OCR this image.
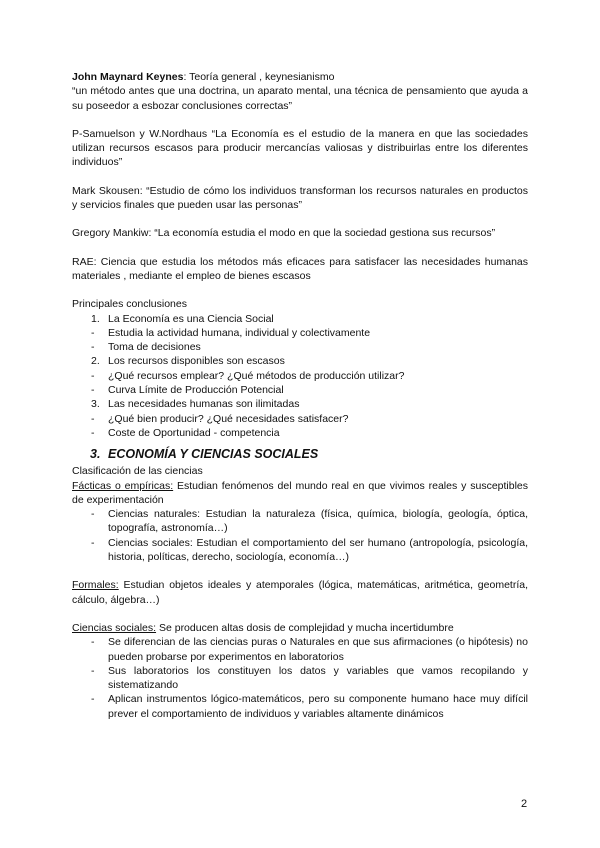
John Maynard Keynes: Teoría general , keynesianismo

“un método antes que una doctrina, un aparato mental, una técnica de pensamiento que ayuda a su poseedor a esbozar conclusiones correctas”

P-Samuelson y W.Nordhaus “La Economía es el estudio de la manera en que las sociedades utilizan recursos escasos para producir mercancías valiosas y distribuirlas entre los diferentes individuos”

Mark Skousen: “Estudio de cómo los individuos transforman los recursos naturales en productos y servicios finales que pueden usar las personas”

Gregory Mankiw: “La economía estudia el modo en que la sociedad gestiona sus recursos”

RAE: Ciencia que estudia los métodos más eficaces para satisfacer las necesidades humanas materiales , mediante el empleo de bienes escasos

Principales conclusiones

1. La Economía es una Ciencia Social
- Estudia la actividad humana, individual y colectivamente
- Toma de decisiones
2. Los recursos disponibles son escasos
- ¿Qué recursos emplear? ¿Qué métodos de producción utilizar?
- Curva Límite de Producción Potencial
3. Las necesidades humanas son ilimitadas
- ¿Qué bien producir? ¿Qué necesidades satisfacer?
- Coste de Oportunidad - competencia
3. ECONOMÍA Y CIENCIAS SOCIALES

Clasificación de las ciencias

Fácticas o empíricas: Estudian fenómenos del mundo real en que vivimos reales y susceptibles de experimentación

- Ciencias naturales: Estudian la naturaleza (física, química, biología, geología, óptica, topografía, astronomía…)
- Ciencias sociales: Estudian el comportamiento del ser humano (antropología, psicología, historia, políticas, derecho, sociología, economía…)

Formales: Estudian objetos ideales y atemporales (lógica, matemáticas, aritmética, geometría, cálculo, álgebra…)

Ciencias sociales: Se producen altas dosis de complejidad y mucha incertidumbre

- Se diferencian de las ciencias puras o Naturales en que sus afirmaciones (o hipótesis) no pueden probarse por experimentos en laboratorios
- Sus laboratorios los constituyen los datos y variables que vamos recopilando y sistematizando
- Aplican instrumentos lógico-matemáticos, pero su componente humano hace muy difícil prever el comportamiento de individuos y variables altamente dinámicos
2
